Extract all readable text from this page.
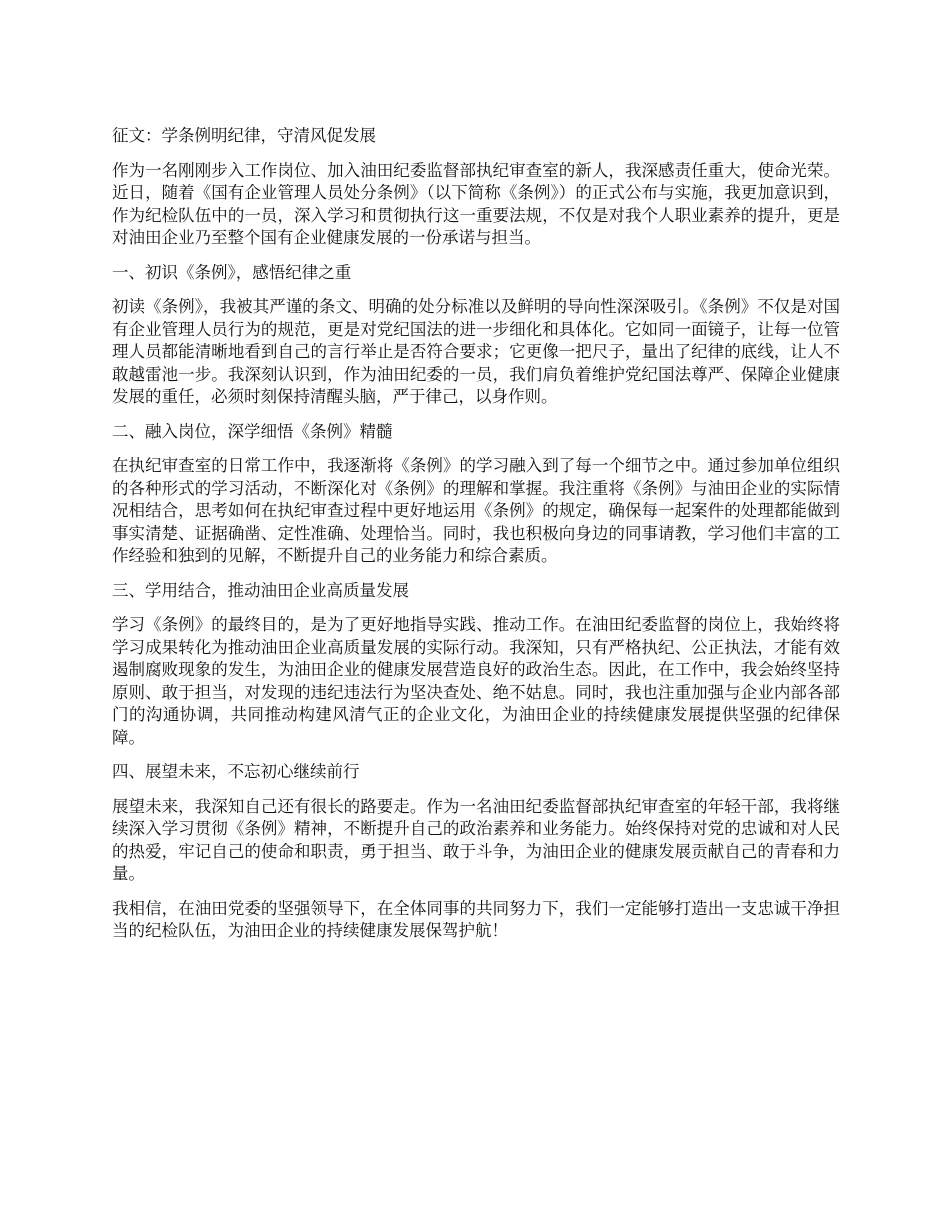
征文：学条例明纪律，守清风促发展

作为一名刚刚步入工作岗位、加入油田纪委监督部执纪审查室的新人，我深感责任重大，使命光荣。近日，随着《国有企业管理人员处分条例》（以下简称《条例》）的正式公布与实施，我更加意识到，作为纪检队伍中的一员，深入学习和贯彻执行这一重要法规，不仅是对我个人职业素养的提升，更是对油田企业乃至整个国有企业健康发展的一份承诺与担当。

一、初识《条例》，感悟纪律之重

初读《条例》，我被其严谨的条文、明确的处分标准以及鲜明的导向性深深吸引。《条例》不仅是对国有企业管理人员行为的规范，更是对党纪国法的进一步细化和具体化。它如同一面镜子，让每一位管理人员都能清晰地看到自己的言行举止是否符合要求；它更像一把尺子，量出了纪律的底线，让人不敢越雷池一步。我深刻认识到，作为油田纪委的一员，我们肩负着维护党纪国法尊严、保障企业健康发展的重任，必须时刻保持清醒头脑，严于律己，以身作则。

二、融入岗位，深学细悟《条例》精髓

在执纪审查室的日常工作中，我逐渐将《条例》的学习融入到了每一个细节之中。通过参加单位组织的各种形式的学习活动，不断深化对《条例》的理解和掌握。我注重将《条例》与油田企业的实际情况相结合，思考如何在执纪审查过程中更好地运用《条例》的规定，确保每一起案件的处理都能做到事实清楚、证据确凿、定性准确、处理恰当。同时，我也积极向身边的同事请教，学习他们丰富的工作经验和独到的见解，不断提升自己的业务能力和综合素质。

三、学用结合，推动油田企业高质量发展

学习《条例》的最终目的，是为了更好地指导实践、推动工作。在油田纪委监督的岗位上，我始终将学习成果转化为推动油田企业高质量发展的实际行动。我深知，只有严格执纪、公正执法，才能有效遏制腐败现象的发生，为油田企业的健康发展营造良好的政治生态。因此，在工作中，我会始终坚持原则、敢于担当，对发现的违纪违法行为坚决查处、绝不姑息。同时，我也注重加强与企业内部各部门的沟通协调，共同推动构建风清气正的企业文化，为油田企业的持续健康发展提供坚强的纪律保障。

四、展望未来，不忘初心继续前行

展望未来，我深知自己还有很长的路要走。作为一名油田纪委监督部执纪审查室的年轻干部，我将继续深入学习贯彻《条例》精神，不断提升自己的政治素养和业务能力。始终保持对党的忠诚和对人民的热爱，牢记自己的使命和职责，勇于担当、敢于斗争，为油田企业的健康发展贡献自己的青春和力量。

我相信，在油田党委的坚强领导下，在全体同事的共同努力下，我们一定能够打造出一支忠诚干净担当的纪检队伍，为油田企业的持续健康发展保驾护航！
